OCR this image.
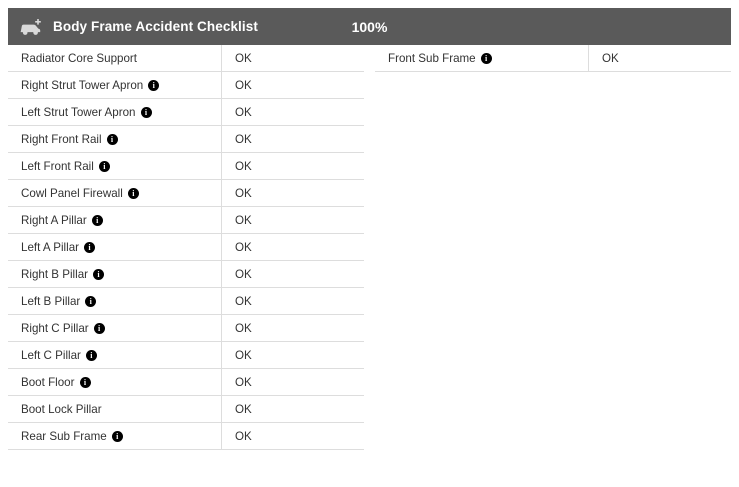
Body Frame Accident Checklist	100%
Radiator Core Support	OK
Right Strut Tower Apron	i	OK
Left Strut Tower Apron	i	OK
Right Front Rail	i	OK
Left Front Rail	i	OK
Cowl Panel Firewall	i	OK
Right A Pillar	i	OK
Left A Pillar	i	OK
Right B Pillar	i	OK
Left B Pillar	i	OK
Right C Pillar	i	OK
Left C Pillar	i	OK
Boot Floor	i	OK
Boot Lock Pillar	OK
Rear Sub Frame	i	OK
Front Sub Frame	i	OK
